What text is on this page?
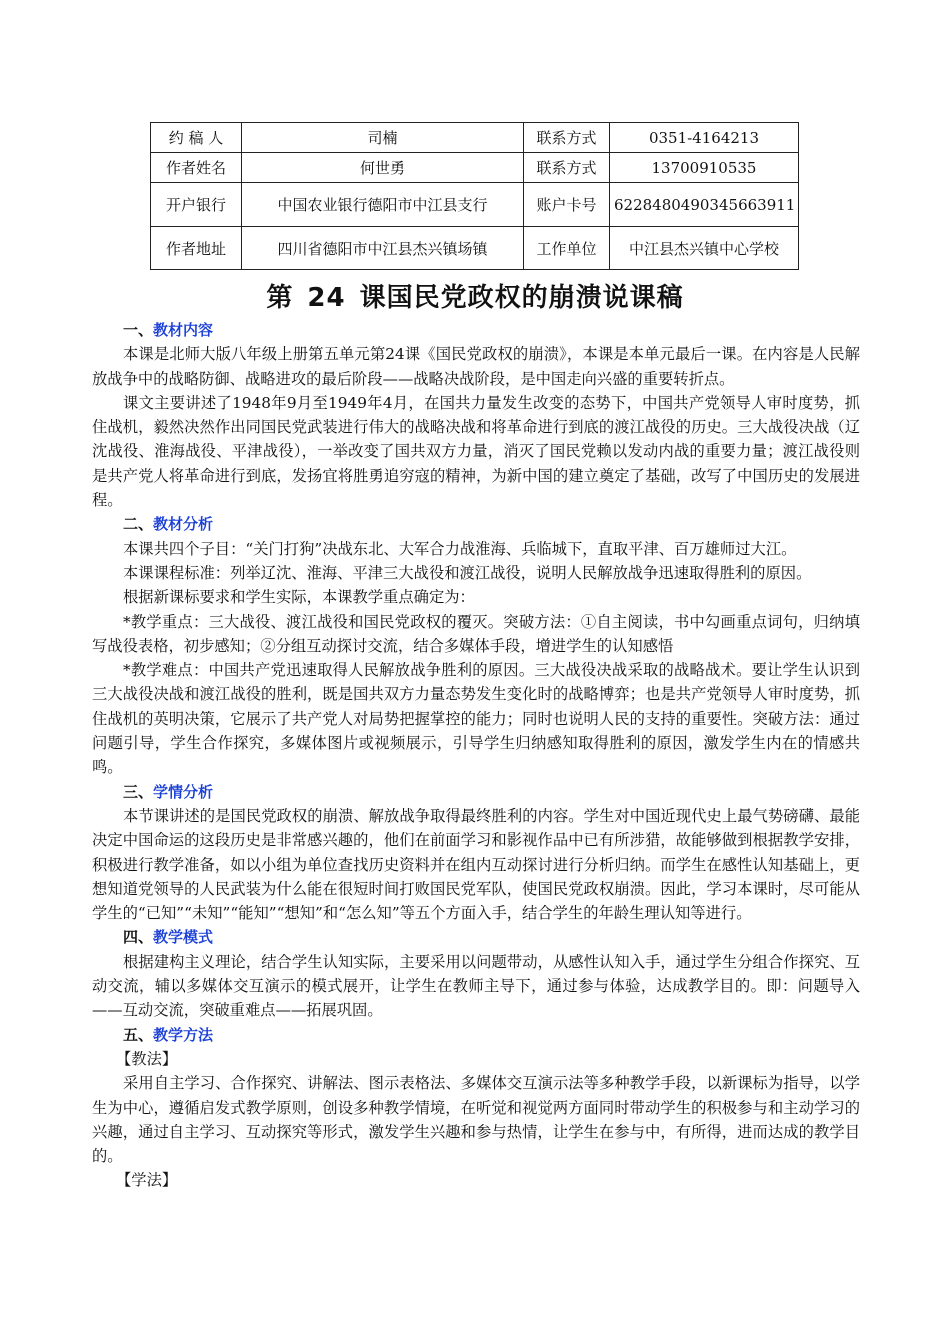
约 稿 人	司楠	联系方式	0351-4164213
作者姓名	何世勇	联系方式	13700910535
开户银行	中国农业银行德阳市中江县支行	账户卡号	6228480490345663911
作者地址	四川省德阳市中江县杰兴镇场镇	工作单位	中江县杰兴镇中心学校
第 24 课国民党政权的崩溃说课稿
一、教材内容

本课是北师大版八年级上册第五单元第24课《国民党政权的崩溃》，本课是本单元最后一课。在内容是人民解放战争中的战略防御、战略进攻的最后阶段——战略决战阶段，是中国走向兴盛的重要转折点。

课文主要讲述了1948年9月至1949年4月，在国共力量发生改变的态势下，中国共产党领导人审时度势，抓住战机，毅然决然作出同国民党武装进行伟大的战略决战和将革命进行到底的渡江战役的历史。三大战役决战（辽沈战役、淮海战役、平津战役），一举改变了国共双方力量，消灭了国民党赖以发动内战的重要力量；渡江战役则是共产党人将革命进行到底，发扬宜将胜勇追穷寇的精神，为新中国的建立奠定了基础，改写了中国历史的发展进程。

二、教材分析

本课共四个子目：“关门打狗”决战东北、大军合力战淮海、兵临城下，直取平津、百万雄师过大江。

本课课程标准：列举辽沈、淮海、平津三大战役和渡江战役，说明人民解放战争迅速取得胜利的原因。

根据新课标要求和学生实际，本课教学重点确定为：

*教学重点：三大战役、渡江战役和国民党政权的覆灭。突破方法：①自主阅读，书中勾画重点词句，归纳填写战役表格，初步感知；②分组互动探讨交流，结合多媒体手段，增进学生的认知感悟

*教学难点：中国共产党迅速取得人民解放战争胜利的原因。三大战役决战采取的战略战术。要让学生认识到三大战役决战和渡江战役的胜利，既是国共双方力量态势发生变化时的战略博弈；也是共产党领导人审时度势，抓住战机的英明决策，它展示了共产党人对局势把握掌控的能力；同时也说明人民的支持的重要性。突破方法：通过问题引导，学生合作探究，多媒体图片或视频展示，引导学生归纳感知取得胜利的原因，激发学生内在的情感共鸣。

三、学情分析

本节课讲述的是国民党政权的崩溃、解放战争取得最终胜利的内容。学生对中国近现代史上最气势磅礴、最能决定中国命运的这段历史是非常感兴趣的，他们在前面学习和影视作品中已有所涉猎，故能够做到根据教学安排，积极进行教学准备，如以小组为单位查找历史资料并在组内互动探讨进行分析归纳。而学生在感性认知基础上，更想知道党领导的人民武装为什么能在很短时间打败国民党军队，使国民党政权崩溃。因此，学习本课时，尽可能从学生的“已知”“未知”“能知”“想知”和“怎么知”等五个方面入手，结合学生的年龄生理认知等进行。

四、教学模式

根据建构主义理论，结合学生认知实际，主要采用以问题带动，从感性认知入手，通过学生分组合作探究、互动交流，辅以多媒体交互演示的模式展开，让学生在教师主导下，通过参与体验，达成教学目的。即：问题导入——互动交流，突破重难点——拓展巩固。

五、教学方法

【教法】

采用自主学习、合作探究、讲解法、图示表格法、多媒体交互演示法等多种教学手段，以新课标为指导，以学生为中心，遵循启发式教学原则，创设多种教学情境，在听觉和视觉两方面同时带动学生的积极参与和主动学习的兴趣，通过自主学习、互动探究等形式，激发学生兴趣和参与热情，让学生在参与中，有所得，进而达成的教学目的。

【学法】
